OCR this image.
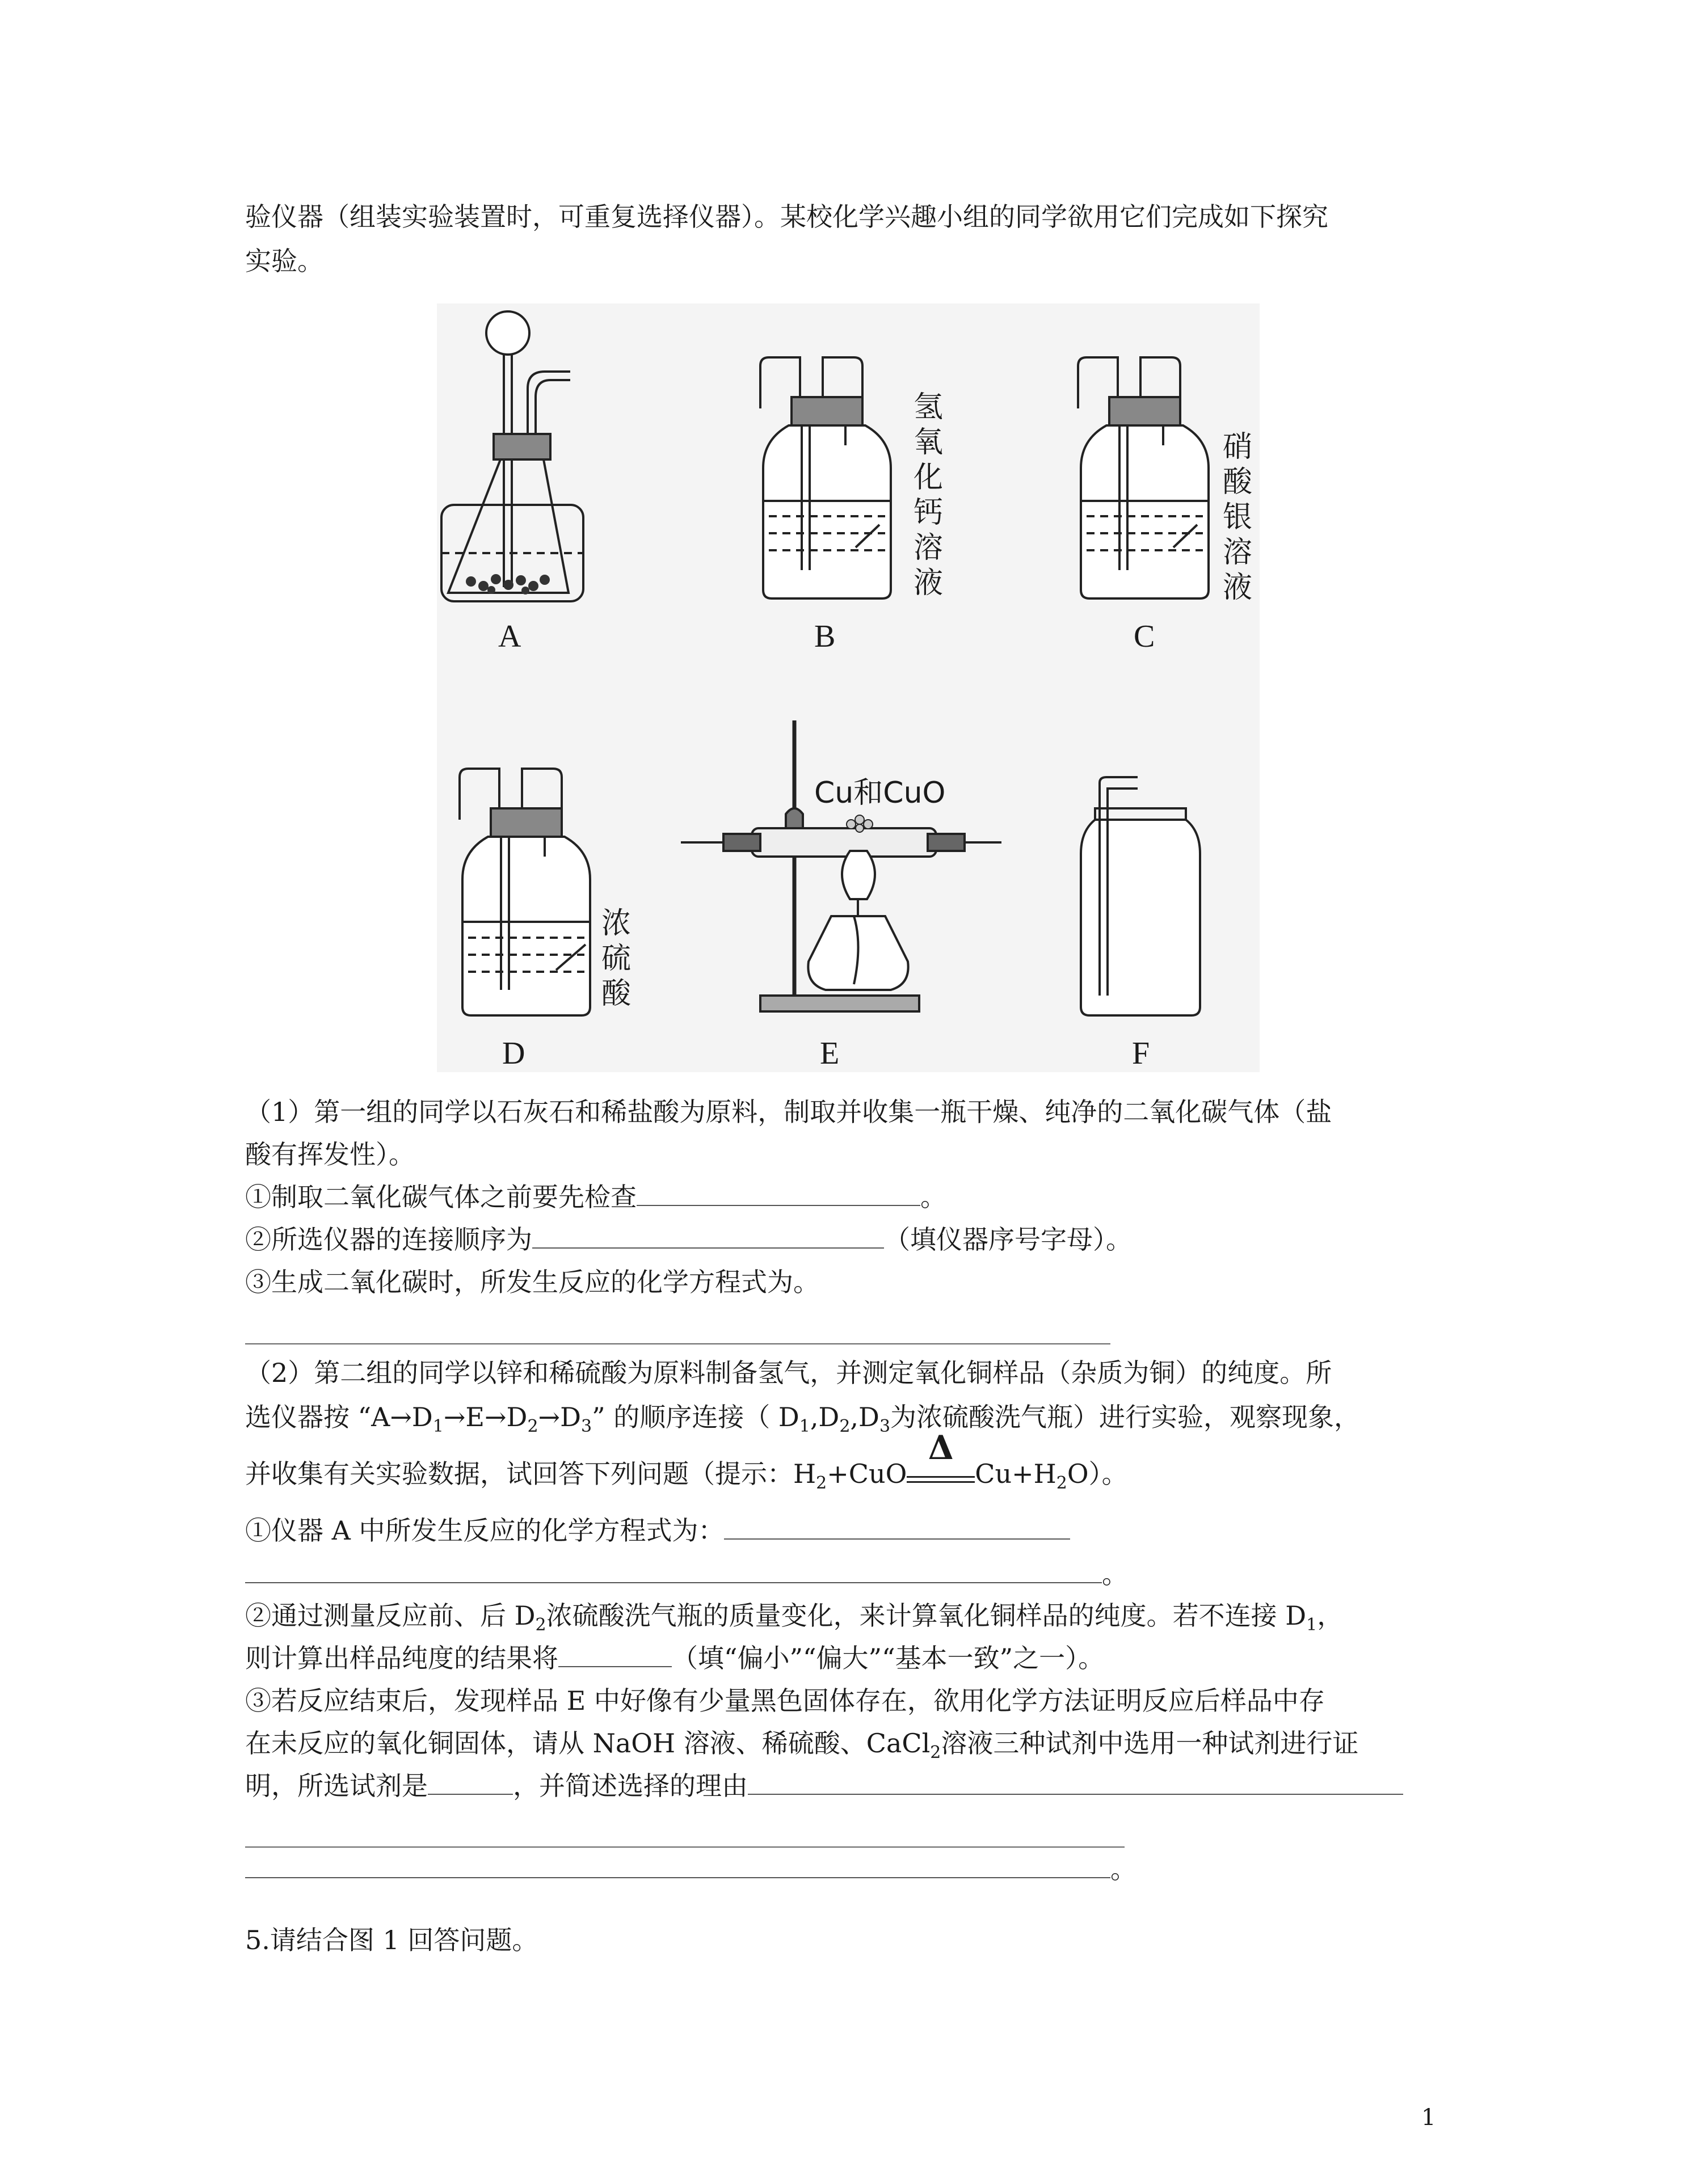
验仪器（组装实验装置时，可重复选择仪器）。某校化学兴趣小组的同学欲用它们完成如下探究
实验。
氢
氧
化
钙
溶
液
硝
酸
银
溶
液
浓
硫
酸
Cu和CuO
A	B	C
D	E	F
（1）第一组的同学以石灰石和稀盐酸为原料，制取并收集一瓶干燥、纯净的二氧化碳气体（盐
酸有挥发性）。
①制取二氧化碳气体之前要先检查	。
②所选仪器的连接顺序为	（填仪器序号字母）。
③生成二氧化碳时，所发生反应的化学方程式为。
（2）第二组的同学以锌和稀硫酸为原料制备氢气，并测定氧化铜样品（杂质为铜）的纯度。所
选仪器按 “$A\to D_1\to E\to D_2\to D_3$” 的顺序连接（ $D_1,D_2,D_3$为浓硫酸洗气瓶）进行实验，观察现象，
并收集有关实验数据，试回答下列问题（提示：$H_2+CuO$
Δ
$Cu+H_2O$）。
①仪器 A 中所发生反应的化学方程式为：
。
②通过测量反应前、后 $D_2$浓硫酸洗气瓶的质量变化，来计算氧化铜样品的纯度。若不连接 $D_1$，
则计算出样品纯度的结果将	（填“偏小”“偏大”“基本一致”之一）。
③若反应结束后，发现样品 E 中好像有少量黑色固体存在，欲用化学方法证明反应后样品中存
在未反应的氧化铜固体，请从 NaOH 溶液、稀硫酸、CaCl$_2$溶液三种试剂中选用一种试剂进行证
明，所选试剂是	，并简述选择的理由
。
5.请结合图 1 回答问题。
1
